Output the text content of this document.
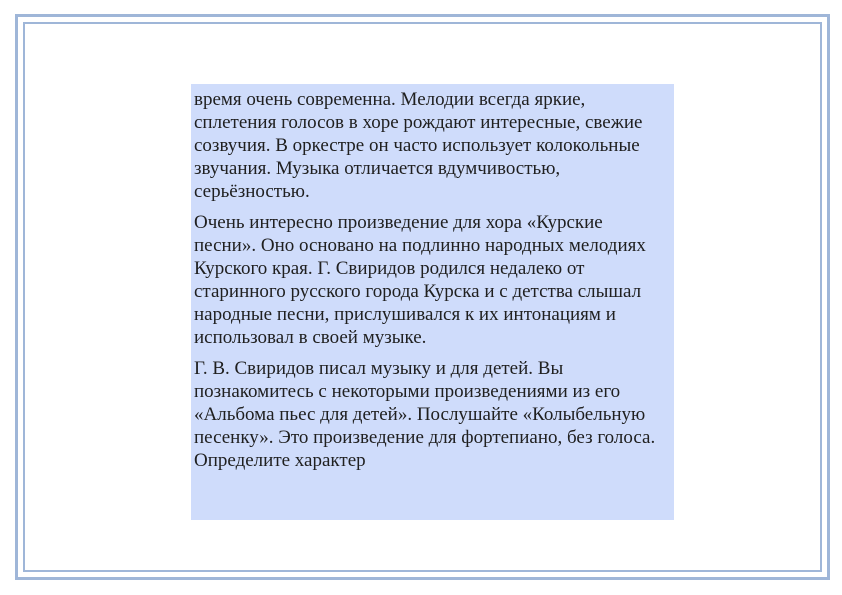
время очень современна. Мелодии всегда яркие, сплетения голосов в хоре рождают интересные, свежие созвучия. В оркестре он часто использует колокольные звучания. Музыка отличается вдумчивостью, серьёзностью.

Очень интересно произведение для хора «Курские песни». Оно основано на подлинно народных мелодиях Курского края. Г. Свиридов родился недалеко от старинного русского города Курска и с детства слышал народные песни, прислушивался к их интонациям и использовал в своей музыке.

Г. В. Свиридов писал музыку и для детей. Вы познакомитесь с некоторыми произведениями из его «Альбома пьес для детей». Послушайте «Колыбельную песенку». Это произведение для фортепиано, без голоса. Определите характер
